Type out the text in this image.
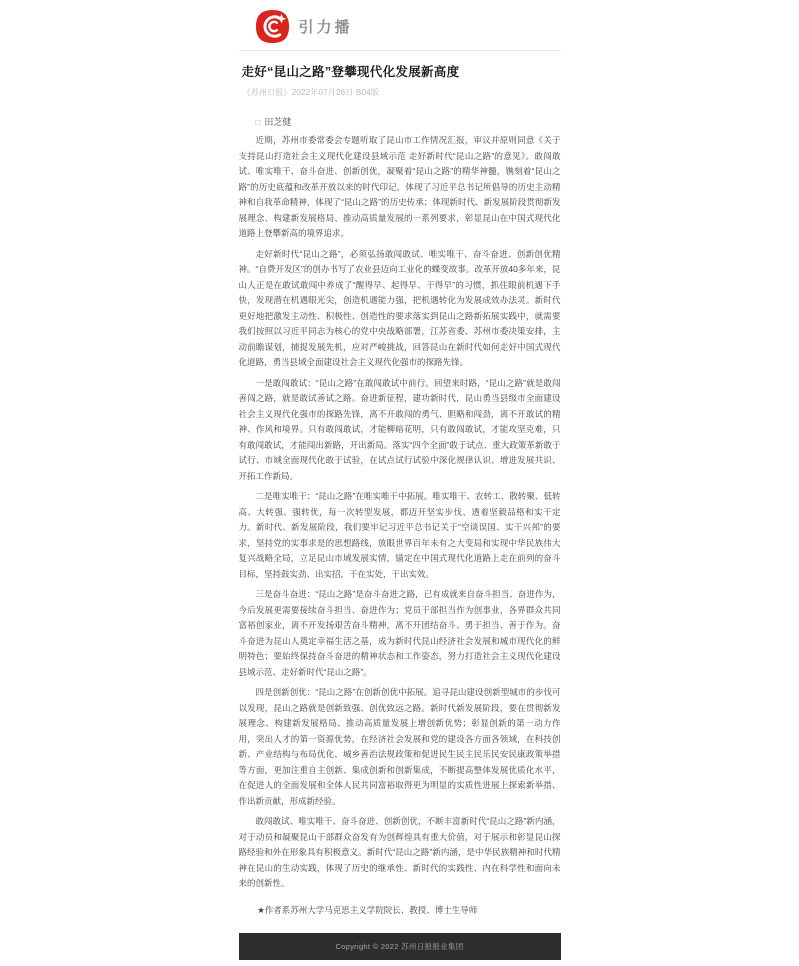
引力播
走好“昆山之路”登攀现代化发展新高度
《苏州日报》2022年07月26日 B04版
□ 田芝健

近期，苏州市委常委会专题听取了昆山市工作情况汇报，审议并原则同意《关于支持昆山打造社会主义现代化建设县域示范 走好新时代“昆山之路”的意见》。敢闯敢试、唯实唯干、奋斗奋进、创新创优，凝聚着“昆山之路”的精华神髓，镌刻着“昆山之路”的历史底蕴和改革开放以来的时代印记，体现了习近平总书记所倡导的历史主动精神和自我革命精神，体现了“昆山之路”的历史传承；体现新时代、新发展阶段贯彻新发展理念、构建新发展格局、推动高质量发展的一系列要求，彰显昆山在中国式现代化道路上登攀新高的境界追求。

走好新时代“昆山之路”，必须弘扬敢闯敢试、唯实唯干、奋斗奋进、创新创优精神。“自费开发区”的创办书写了农业县迈向工业化的蝶变故事。改革开放40多年来，昆山人正是在敢试敢闯中养成了“醒得早、起得早、干得早”的习惯，抓住眼前机遇下手快，发现潜在机遇眼光尖，创造机遇能力强，把机遇转化为发展成效办法灵。新时代更好地把激发主动性、积极性、创造性的要求落实到昆山之路新拓展实践中，就需要我们按照以习近平同志为核心的党中央战略部署，江苏省委、苏州市委决策安排，主动前瞻谋划，捕捉发展先机，应对严峻挑战，回答昆山在新时代如何走好中国式现代化道路，勇当县域全面建设社会主义现代化强市的探路先锋。

一是敢闯敢试：“昆山之路”在敢闯敢试中前行。回望来时路，“昆山之路”就是敢闯善闯之路，就是敢试善试之路。奋进新征程，建功新时代，昆山勇当县级市全面建设社会主义现代化强市的探路先锋，离不开敢闯的勇气、胆略和闯劲，离不开敢试的精神、作风和境界。只有敢闯敢试，才能柳暗花明，只有敢闯敢试，才能攻坚克难，只有敢闯敢试，才能闯出新路，开出新局。落实“四个全面”敢于试点、重大政策革新敢于试行、市域全面现代化敢于试验，在试点试行试验中深化规律认识、增进发展共识、开拓工作新局。

二是唯实唯干：“昆山之路”在唯实唯干中拓展。唯实唯干、农转工、散转聚、低转高、大转强、强转优，每一次转型发展，都迈开坚实步伐、透着坚毅品格和实干定力。新时代、新发展阶段，我们要牢记习近平总书记关于“空谈误国、实干兴邦”的要求，坚持党的实事求是的思想路线，放眼世界百年未有之大变局和实现中华民族伟大复兴战略全局，立足昆山市域发展实情，锚定在中国式现代化道路上走在前列的奋斗目标，坚持鼓实劲、出实招，干在实处，干出实效。

三是奋斗奋进：“昆山之路”是奋斗奋进之路，已有成就来自奋斗担当、奋进作为，今后发展更需要接续奋斗担当、奋进作为；党员干部担当作为创事业，各界群众共同富裕创家业，离不开发扬艰苦奋斗精神，离不开团结奋斗、勇于担当、善于作为。奋斗奋进为昆山人奠定幸福生活之基，成为新时代昆山经济社会发展和城市现代化的鲜明特色；要始终保持奋斗奋进的精神状态和工作姿态，努力打造社会主义现代化建设县域示范、走好新时代“昆山之路”。

四是创新创优：“昆山之路”在创新创优中拓展。追寻昆山建设创新型城市的步伐可以发现，昆山之路就是创新致强、创优致远之路。新时代新发展阶段，要在贯彻新发展理念、构建新发展格局、推动高质量发展上增创新优势；彰显创新的第一动力作用，突出人才的第一资源优势，在经济社会发展和党的建设各方面各领域，在科技创新、产业结构与布局优化、城乡善治法规政策和促进民生民主民乐民安民康政策举措等方面，更加注重自主创新、集成创新和创新集成，不断提高整体发展优质化水平，在促进人的全面发展和全体人民共同富裕取得更为明显的实质性进展上探索新举措、作出新贡献，形成新经验。

敢闯敢试、唯实唯干、奋斗奋进、创新创优，不断丰富新时代“昆山之路”新内涵，对于动员和凝聚昆山干部群众奋发有为创辉煌具有重大价值，对于展示和彰显昆山探路经验和外在形象具有积极意义。新时代“昆山之路”新内涵，是中华民族精神和时代精神在昆山的生动实践，体现了历史的继承性、新时代的实践性、内在科学性和面向未来的创新性。

★作者系苏州大学马克思主义学院院长、教授、博士生导师
Copyright © 2022 苏州日报报业集团
